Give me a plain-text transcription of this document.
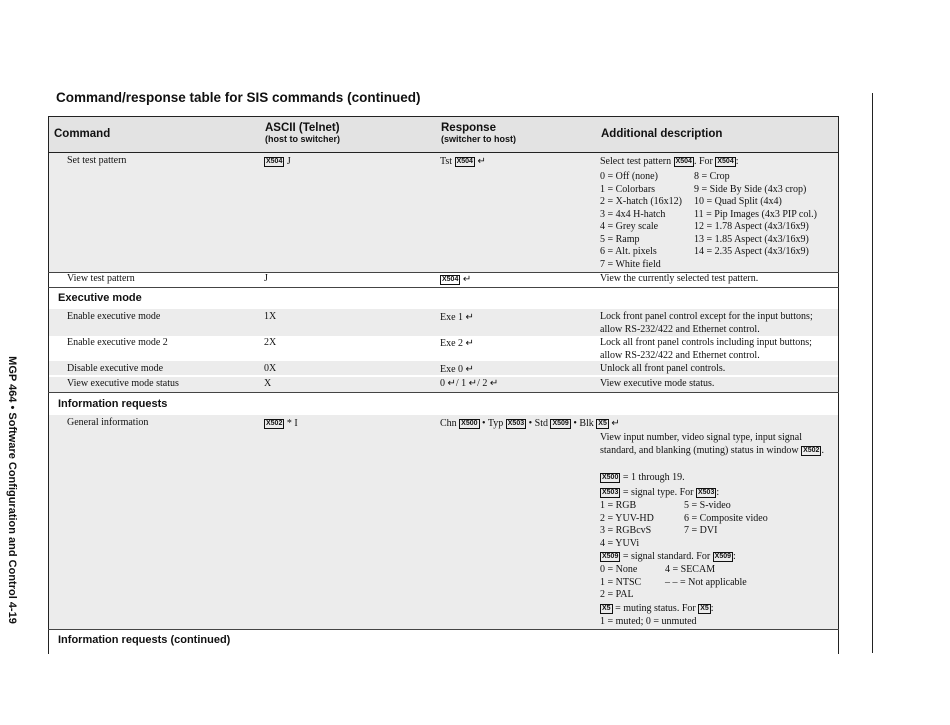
Command/response table for SIS commands (continued)
MGP 464 • Software Configuration and Control 4-19
Command	ASCII (Telnet)
(host to switcher)
Response
(switcher to host)	Additional description
Set test pattern	X504 J	Tst X504 ↵	Select test pattern X504 . For X504 :
0 = Off (none)
1 = Colorbars
2 = X-hatch (16x12)
3 = 4x4 H-hatch
4 = Grey scale
5 = Ramp
6 = Alt. pixels
7 = White field
8 = Crop
9 = Side By Side (4x3 crop)
10 = Quad Split (4x4)
11 = Pip Images (4x3 PIP col.)
12 = 1.78 Aspect (4x3/16x9)
13 = 1.85 Aspect (4x3/16x9)
14 = 2.35 Aspect (4x3/16x9)
View test pattern	J	X504 ↵	View the currently selected test pattern.
Executive mode
Enable executive mode	1X	Exe 1 ↵	Lock front panel control except for the input buttons; allow RS-232/422 and Ethernet control.
Enable executive mode 2	2X	Exe 2 ↵	Lock all front panel controls including input buttons; allow RS-232/422 and Ethernet control.
Disable executive mode	0X	Exe 0 ↵	Unlock all front panel controls.
View executive mode status	X	0 ↵/ 1 ↵/ 2 ↵	View executive mode status.
Information requests
General information	X502 * I	Chn X500 • Typ X503 • Std X509 • Blk X5 ↵
View input number, video signal type, input signal standard, and blanking (muting) status in window X502 .
X500 = 1 through 19.
X503 = signal type. For X503 :
1 = RGB
2 = YUV-HD
3 = RGBcvS
4 = YUVi
5 = S-video
6 = Composite video
7 = DVI
X509 = signal standard. For X509 :
0 = None
1 = NTSC
2 = PAL
4 = SECAM
– – = Not applicable
X5 = muting status. For X5 :
1 = muted; 0 = unmuted
Information requests (continued)
